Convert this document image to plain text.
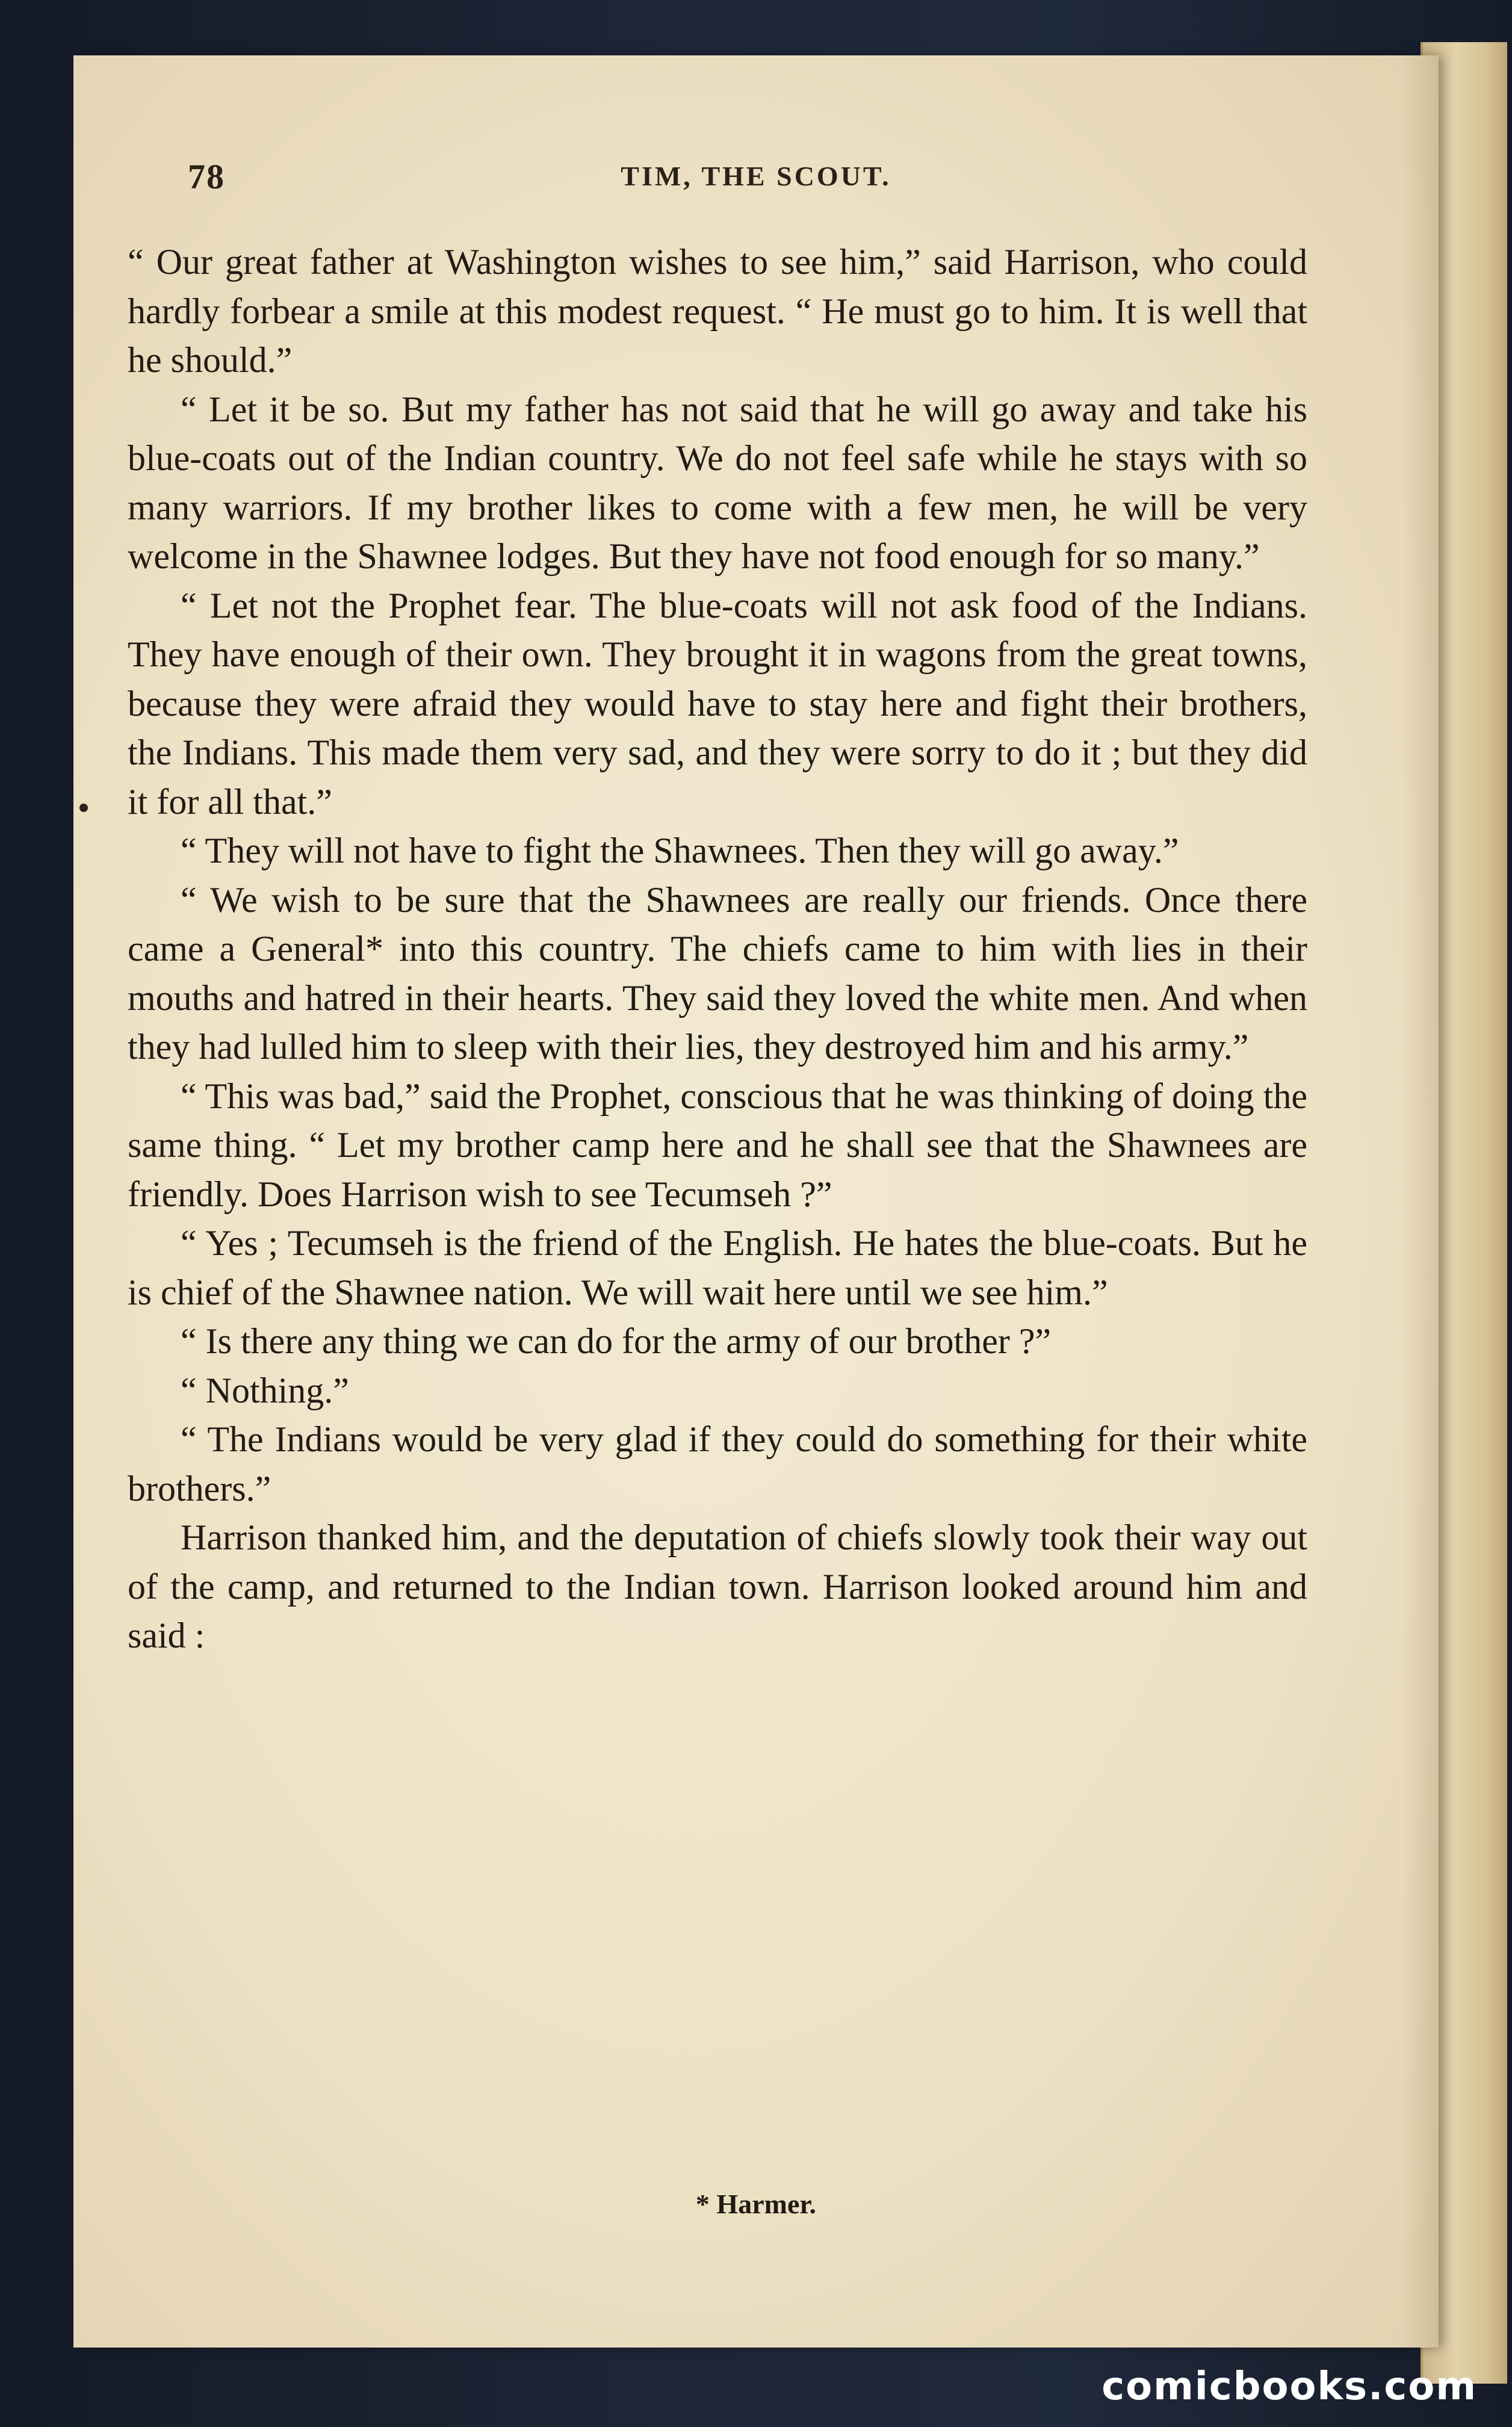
78	TIM, THE SCOUT.

“ Our great father at Washington wishes to see him,” said Harrison, who could hardly forbear a smile at this modest request. “ He must go to him. It is well that he should.”

“ Let it be so. But my father has not said that he will go away and take his blue-coats out of the Indian country. We do not feel safe while he stays with so many warriors. If my brother likes to come with a few men, he will be very welcome in the Shawnee lodges. But they have not food enough for so many.”

“ Let not the Prophet fear. The blue-coats will not ask food of the Indians. They have enough of their own. They brought it in wagons from the great towns, because they were afraid they would have to stay here and fight their brothers, the Indians. This made them very sad, and they were sorry to do it ; but they did it for all that.”

“ They will not have to fight the Shawnees. Then they will go away.”

“ We wish to be sure that the Shawnees are really our friends. Once there came a General* into this country. The chiefs came to him with lies in their mouths and hatred in their hearts. They said they loved the white men. And when they had lulled him to sleep with their lies, they destroyed him and his army.”

“ This was bad,” said the Prophet, conscious that he was thinking of doing the same thing. “ Let my brother camp here and he shall see that the Shawnees are friendly. Does Harrison wish to see Tecumseh ?”

“ Yes ; Tecumseh is the friend of the English. He hates the blue-coats. But he is chief of the Shawnee nation. We will wait here until we see him.”

“ Is there any thing we can do for the army of our brother ?”

“ Nothing.”

“ The Indians would be very glad if they could do something for their white brothers.”

Harrison thanked him, and the deputation of chiefs slowly took their way out of the camp, and returned to the Indian town. Harrison looked around him and said :

* Harmer.
comicbooks.com
